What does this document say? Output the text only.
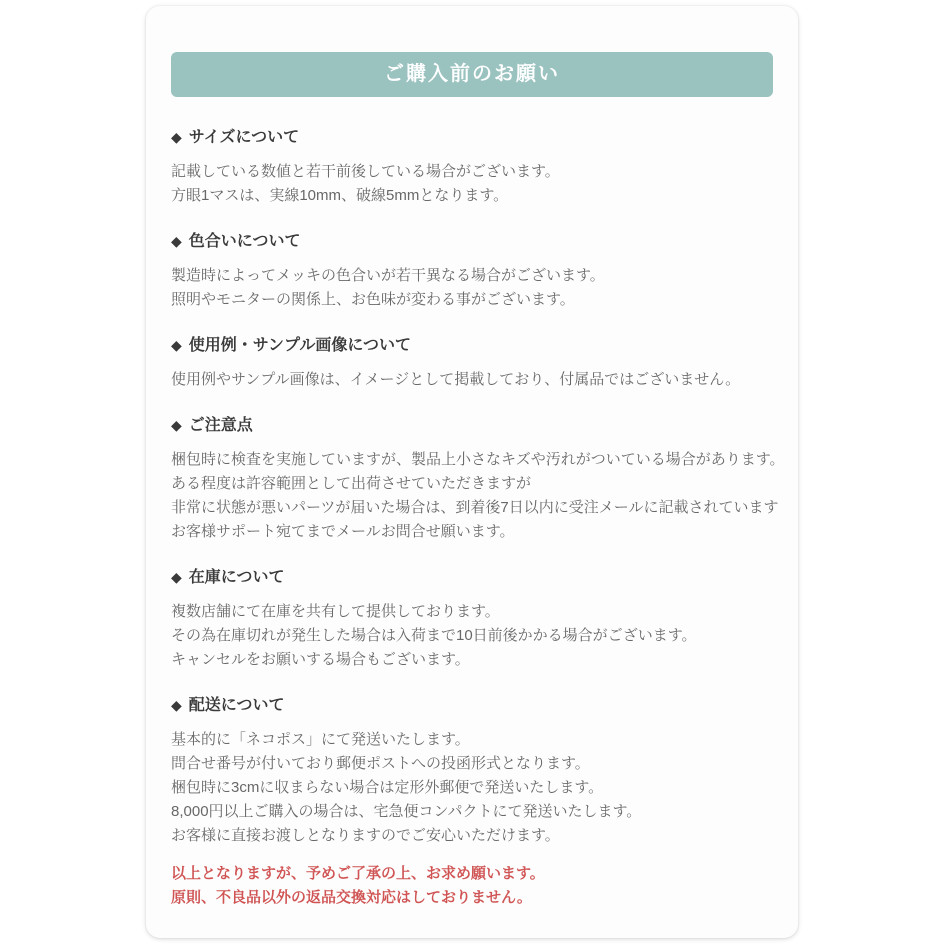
ご購入前のお願い
◆ サイズについて
記載している数値と若干前後している場合がございます。
方眼1マスは、実線10mm、破線5mmとなります。
◆ 色合いについて
製造時によってメッキの色合いが若干異なる場合がございます。
照明やモニターの関係上、お色味が変わる事がございます。
◆ 使用例・サンプル画像について
使用例やサンプル画像は、イメージとして掲載しており、付属品ではございません。
◆ ご注意点
梱包時に検査を実施していますが、製品上小さなキズや汚れがついている場合があります。
ある程度は許容範囲として出荷させていただきますが
非常に状態が悪いパーツが届いた場合は、到着後7日以内に受注メールに記載されています
お客様サポート宛てまでメールお問合せ願います。
◆ 在庫について
複数店舗にて在庫を共有して提供しております。
その為在庫切れが発生した場合は入荷まで10日前後かかる場合がございます。
キャンセルをお願いする場合もございます。
◆ 配送について
基本的に「ネコポス」にて発送いたします。
問合せ番号が付いており郵便ポストへの投函形式となります。
梱包時に3cmに収まらない場合は定形外郵便で発送いたします。
8,000円以上ご購入の場合は、宅急便コンパクトにて発送いたします。
お客様に直接お渡しとなりますのでご安心いただけます。
以上となりますが、予めご了承の上、お求め願います。
原則、不良品以外の返品交換対応はしておりません。
